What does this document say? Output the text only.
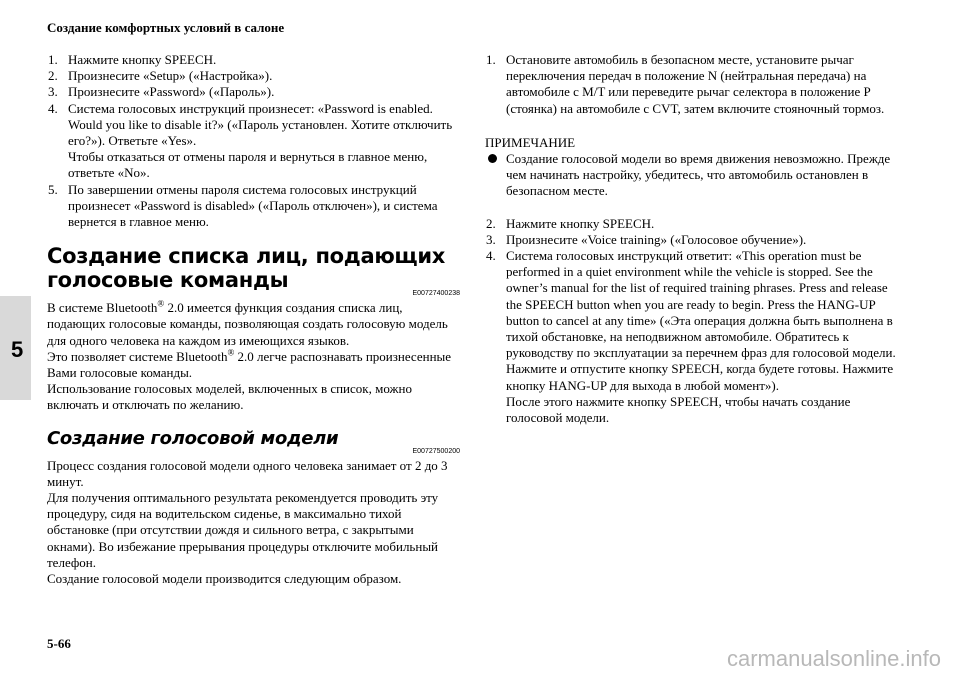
Создание комфортных условий в салоне
5
1. Нажмите кнопку SPEECH.
2. Произнесите «Setup» («Настройка»).
3. Произнесите «Password» («Пароль»).
4. Система голосовых инструкций произнесет: «Password is enabled. Would you like to disable it?» («Пароль установлен. Хотите отключить его?»). Ответьте «Yes».
Чтобы отказаться от отмены пароля и вернуться в главное меню, ответьте «No».
5. По завершении отмены пароля система голосовых инструкций произнесет «Password is disabled» («Пароль отключен»), и система вернется в главное меню.
Создание списка лиц, подающих голосовые команды
E00727400238

В системе Bluetooth® 2.0 имеется функция создания списка лиц, подающих голосовые команды, позволяющая создать голосовую модель для одного человека на каждом из имеющихся языков.

Это позволяет системе Bluetooth® 2.0 легче распознавать произнесенные Вами голосовые команды.

Использование голосовых моделей, включенных в список, можно включать и отключать по желанию.

Создание голосовой модели
E00727500200

Процесс создания голосовой модели одного человека занимает от 2 до 3 минут.

Для получения оптимального результата рекомендуется проводить эту процедуру, сидя на водительском сиденье, в максимально тихой обстановке (при отсутствии дождя и сильного ветра, с закрытыми окнами). Во избежание прерывания процедуры отключите мобильный телефон.

Создание голосовой модели производится следующим образом.

1. Остановите автомобиль в безопасном месте, установите рычаг переключения передач в положение N (нейтральная передача) на автомобиле с M/T или переведите рычаг селектора в положение P (стоянка) на автомобиле с CVT, затем включите стояночный тормоз.
ПРИМЕЧАНИЕ
Создание голосовой модели во время движения невозможно. Прежде чем начинать настройку, убедитесь, что автомобиль остановлен в безопасном месте.
2. Нажмите кнопку SPEECH.
3. Произнесите «Voice training» («Голосовое обучение»).
4. Система голосовых инструкций ответит: «This operation must be performed in a quiet environment while the vehicle is stopped. See the owner’s manual for the list of required training phrases. Press and release the SPEECH button when you are ready to begin. Press the HANG-UP button to cancel at any time» («Эта операция должна быть выполнена в тихой обстановке, на неподвижном автомобиле. Обратитесь к руководству по эксплуатации за перечнем фраз для голосовой модели. Нажмите и отпустите кнопку SPEECH, когда будете готовы. Нажмите кнопку HANG-UP для выхода в любой момент»).
После этого нажмите кнопку SPEECH, чтобы начать создание голосовой модели.
5-66
carmanualsonline.info
